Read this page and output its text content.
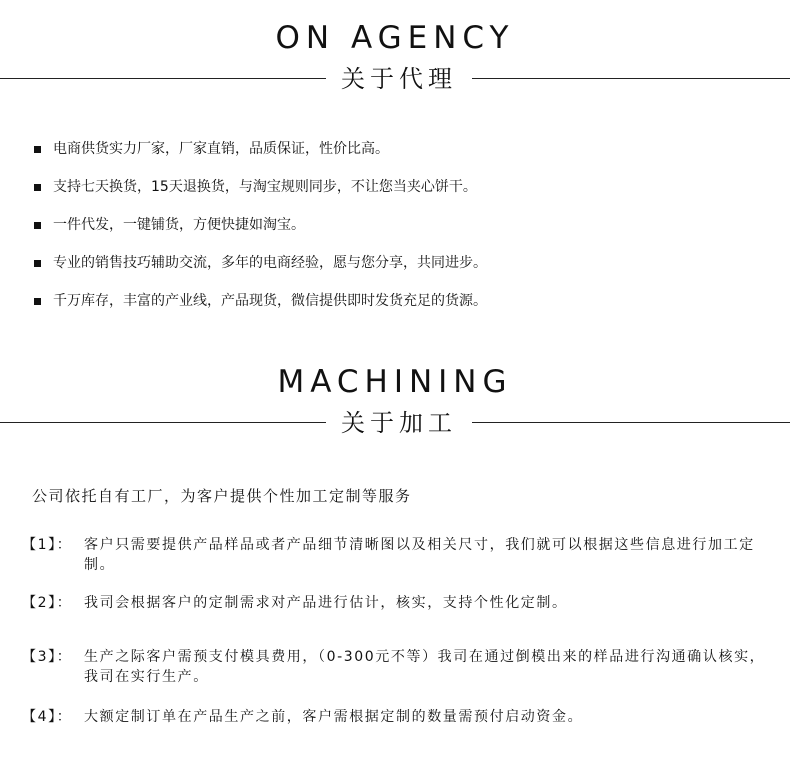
ON AGENCY
关于代理
电商供货实力厂家，厂家直销，品质保证，性价比高。
支持七天换货，15天退换货，与淘宝规则同步，不让您当夹心饼干。
一件代发，一键铺货，方便快捷如淘宝。
专业的销售技巧辅助交流，多年的电商经验，愿与您分享，共同进步。
千万库存，丰富的产业线，产品现货，微信提供即时发货充足的货源。
MACHINING
关于加工

公司依托自有工厂，为客户提供个性加工定制等服务

【1】： 客户只需要提供产品样品或者产品细节清晰图以及相关尺寸，我们就可以根据这些信息进行加工定制。
【2】： 我司会根据客户的定制需求对产品进行估计，核实，支持个性化定制。
【3】： 生产之际客户需预支付模具费用，（0-300元不等）我司在通过倒模出来的样品进行沟通确认核实，我司在实行生产。
【4】： 大额定制订单在产品生产之前，客户需根据定制的数量需预付启动资金。
